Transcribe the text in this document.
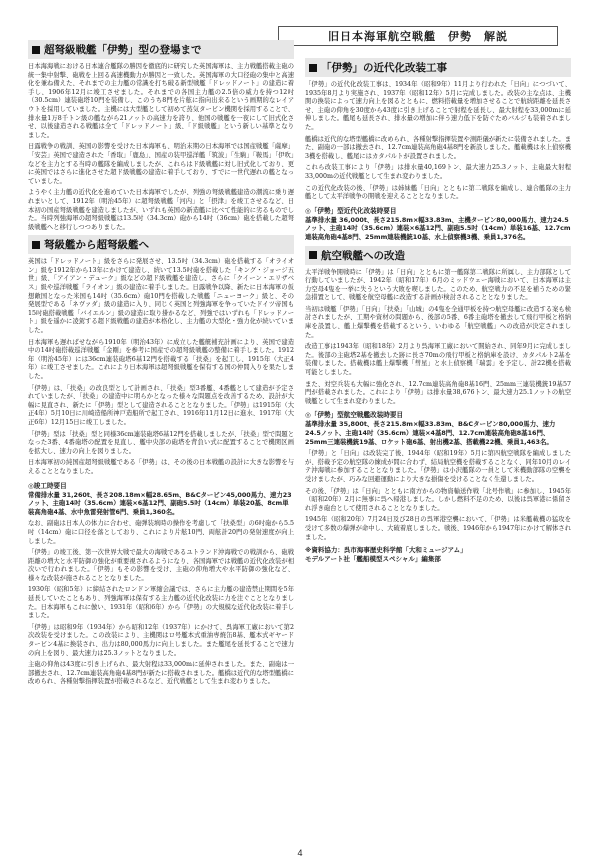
旧日本海軍航空戦艦　伊勢　解説
超弩級戦艦「伊勢」型の登場まで

日本海海戦における日本連合艦隊の勝因を徹底的に研究した英国海軍は、主力戦艦搭載主砲の統一集中射撃、砲戦を上回る高速機動力が勝因と一致した。英国海軍の大口径砲の集中と高速化を兼ね備えた、それまでの主力艦の常識を打ち破る新型戦艦「ドレッドノート」の建造に着手し、1906年12月に竣工させました。それまでの各国主力艦の2.5倍の威力を持つ12吋（30.5cm）連装砲塔10門を装備し、このうち8門を片舷に指向出来るという画期的なレイアウトを採用していました。主機には大型艦として初めて蒸気タービン機関を採用することで、排水量1万8千トン級の艦ながら21ノットの高速力を誇り、他国の戦艦を一夜にして旧式化させ、以後建造される戦艦は全て「ドレッドノート」級、「ド級戦艦」という新しい基準となりました。

日露戦争の戦訓、英国の影響を受けた日本海軍も、明治末期の日本海軍では国産戦艦「薩摩」「安芸」英国で建造された「香取」「鹿島」、国産の装甲巡洋艦「筑波」「生駒」「鞍馬」「伊吹」などを主力とする当時の艦隊を編成しましたが、これらはド級戦艦に対し旧式化しており、更に英国ではさらに進化させた超ド級戦艦の建造に着手しており、すでに一世代遅れの艦となっていました。

ようやく主力艦の近代化を進めていた日本海軍でしたが、列強の弩級戦艦建造の潮流に乗り遅れまいとして、1912年（明治45年）に超弩級戦艦「河内」と「摂津」を竣工させるなど、日本初の国産弩級戦艦を建造しましたが、いずれも英国の新造艦に比べて性能的に劣るものでした。当時列強海軍の超弩級戦艦は13.5吋（34.3cm）砲から14吋（36cm）砲を搭載した超弩級戦艦へと移行しつつありました。

弩級艦から超弩級艦へ

英国は「ドレッドノート」級をさらに発展させ、13.5吋（34.3cm）砲を搭載する「オライオン」級を1912年から13年にかけて建造し、続いて13.5吋砲を搭載した「キング・ジョージ五世」級、「アイアン・デューク」級などの超ド級戦艦を建造し、さらに「クイーン・エリザベス」級や巡洋戦艦「ライオン」級の建造に着手しました。日露戦争以降、新たに日本海軍の仮想敵国となった米国も14吋（35.6cm）砲10門を搭載した戦艦「ニューヨーク」級と、その発展型である「ネヴァダ」級の建造に入り、同じく英国と列強海軍を争っていたドイツ帝国も15吋砲搭載戦艦「バイエルン」級の建造に取り掛かるなど、列強ではいずれも「ドレッドノート」級を遥かに凌駕する超ド級戦艦の建造が本格化し、主力艦の大型化・強力化が続いていました。

日本海軍も遅ればせながら1910年（明治43年）に成立した艦艇補充計画により、英国で建造中の14吋砲搭載巡洋戦艦「金剛」を参考に国産での超弩級戦艦の整備に着手しました。1912年（明治45年）には36cm連装砲塔6基12門を搭載する「扶桑」を起工し、1915年（大正4年）に竣工させました。これにより日本海軍は超弩級戦艦を保有する国の仲間入りを果たしました。

「伊勢」は、「扶桑」の改良型として計画され、「扶桑」型3番艦、4番艦として建造が予定されていましたが、「扶桑」の建造中に明らかとなった様々な問題点を改善するため、設計が大幅に見直され、新たに「伊勢」型として建造されることとなりました。「伊勢」は1915年（大正4年）5月10日に川崎造船所神戸造船所で起工され、1916年11月12日に進水、1917年（大正6年）12月15日に竣工しました。

「伊勢」型は「扶桑」型と同様36cm連装砲塔6基12門を搭載しましたが、「扶桑」型で問題となった3番、4番砲塔の配置を見直し、艦中央部の砲塔を背負い式に配置することで機関区画を拡大し、速力の向上を図りました。

日本海軍初の純国産超弩級戦艦である「伊勢」は、その後の日本戦艦の設計に大きな影響を与えることとなりました。

◎竣工時要目
常備排水量 31,260t、長さ208.18m×幅28.65m、B&Cタービン45,000馬力、速力23ノット、主砲14吋（35.6cm）連装×6基12門、副砲5.5吋（14cm）単装20基、8cm単装高角砲4基、水中魚雷発射管6門、乗員1,360名。

なお、副砲は日本人の体力に合わせ、砲弾装填時の操作を考慮して「扶桑型」の6吋砲から5.5吋（14cm）砲に口径を落としており、これにより片舷10門、両舷計20門の発射速度が向上しました。

「伊勢」の竣工後、第一次世界大戦で最大の海戦であるユトランド沖海戦での戦訓から、砲戦距離の増大と水平防御の強化が重要視されるようになり、各国海軍では戦艦の近代化改装が相次いで行われました。「伊勢」もその影響を受け、主砲の仰角増大や水平防御の強化など、様々な改装が施されることとなりました。

1930年（昭和5年）に締結されたロンドン軍縮会議では、さらに主力艦の建造禁止期間を5年延長していたこともあり、列強海軍は保有する主力艦の近代化改装に力を注ぐこととなりました。日本海軍もこれに倣い、1931年（昭和6年）から「伊勢」の大規模な近代化改装に着手しました。

「伊勢」は昭和9年（1934年）から昭和12年（1937年）にかけて、呉海軍工廠において第2次改装を受けました。この改装により、主機関はロ号艦本式重油専焼缶8基、艦本式ギヤードタービン4基に換装され、出力は80,000馬力に向上しました。また艦尾を延長することで速力の向上を図り、最大速力は25.3ノットとなりました。

主砲の仰角は43度に引き上げられ、最大射程は33,000mに延伸されました。また、副砲は一部撤去され、12.7cm連装高角砲4基8門が新たに搭載されました。艦橋は近代的な塔型艦橋に改められ、各種射撃指揮装置が搭載されるなど、近代戦艦として生まれ変わりました。

「伊勢」の近代化改装工事

「伊勢」の近代化改装工事は、1934年（昭和9年）11月より行われた「日向」につづいて、1935年8月より実施され、1937年（昭和12年）5月に完成しました。改装の主な点は、主機関の換装によって速力向上を図るとともに、燃料搭載量を増加させることで航続距離を延長させ、主砲の仰角を30度から43度に引き上げることで射程を延長し、最大射程を33,000mに延伸しました。艦尾も延長され、排水量の増加に伴う速力低下を防ぐためバルジも装着されました。

艦橋は近代的な塔型艦橋に改められ、各種射撃指揮装置や測距儀が新たに装備されました。また、副砲の一部は撤去され、12.7cm連装高角砲4基8門を新設しました。艦載機は水上偵察機3機を搭載し、艦尾にはカタパルトが設置されました。

これら改装工事により「伊勢」は排水量40,169トン、最大速力25.3ノット、主砲最大射程33,000mの近代戦艦として生まれ変わりました。

この近代化改装の後、「伊勢」は姉妹艦「日向」とともに第二戦隊を編成し、連合艦隊の主力艦として太平洋戦争の開戦を迎えることとなりました。

◎「伊勢」型近代化改装時要目
基準排水量 36,000t、長さ215.8m×幅33.83m、主機タービン80,000馬力、速力24.5ノット、主砲14吋（35.6cm）連装×6基12門、副砲5.5吋（14cm）単装16基、12.7cm連装高角砲4基8門、25mm連装機銃10基、水上偵察機3機、乗員1,376名。
航空戦艦への改造

太平洋戦争開戦時に「伊勢」は「日向」とともに第一艦隊第二戦隊に所属し、主力部隊として行動していましたが、1942年（昭和17年）6月のミッドウェー海戦において、日本海軍は主力空母4隻を一挙に失うという大敗を喫しました。このため、航空戦力の不足を補うための緊急措置として、戦艦を航空母艦に改造する計画が検討されることとなりました。

当初は戦艦「伊勢」「日向」「扶桑」「山城」の4隻を全通甲板を持つ航空母艦に改造する案も検討されましたが、工期や資材の問題から、後部の5番、6番主砲塔を撤去して飛行甲板と格納庫を設置し、艦上爆撃機を搭載するという、いわゆる「航空戦艦」への改造が決定されました。

改造工事は1943年（昭和18年）2月より呉海軍工廠において開始され、同年9月に完成しました。後部の主砲塔2基を撤去した跡に長さ70mの飛行甲板と格納庫を設け、カタパルト2基を装備しました。搭載機は艦上爆撃機「彗星」と水上偵察機「瑞雲」を予定し、計22機を搭載可能としました。

また、対空兵装も大幅に強化され、12.7cm連装高角砲8基16門、25mm三連装機銃19基57門が搭載されました。これにより「伊勢」は排水量38,676トン、最大速力25.1ノットの航空戦艦として生まれ変わりました。

◎「伊勢」型航空戦艦改装時要目
基準排水量 35,800t、長さ215.8m×幅33.83m、B&Cタービン80,000馬力、速力24.5ノット、主砲14吋（35.6cm）連装×4基8門、12.7cm連装高角砲8基16門、25mm三連装機銃19基、ロケット砲6基、射出機2基、搭載機22機、乗員1,463名。

「伊勢」と「日向」は改装完了後、1944年（昭和19年）5月に第四航空戦隊を編成しましたが、搭載予定の航空隊の練成が間に合わず、結局航空機を搭載することなく、同年10月のレイテ沖海戦に参加することとなりました。「伊勢」は小沢艦隊の一員として米機動部隊の空襲を受けましたが、巧みな回避運動により大きな損傷を受けることなく生還しました。

その後、「伊勢」は「日向」とともに南方からの物資輸送作戦「北号作戦」に参加し、1945年（昭和20年）2月に無事に呉へ帰港しました。しかし燃料不足のため、以後は呉軍港に係留され浮き砲台として使用されることとなりました。

1945年（昭和20年）7月24日及び28日の呉軍港空襲において、「伊勢」は米艦載機の猛攻を受けて多数の爆弾が命中し、大破着底しました。戦後、1946年から1947年にかけて解体されました。

※資料協力：呉市海事歴史科学館「大和ミュージアム」
モデルアート社「艦船模型スペシャル」編集部
4
